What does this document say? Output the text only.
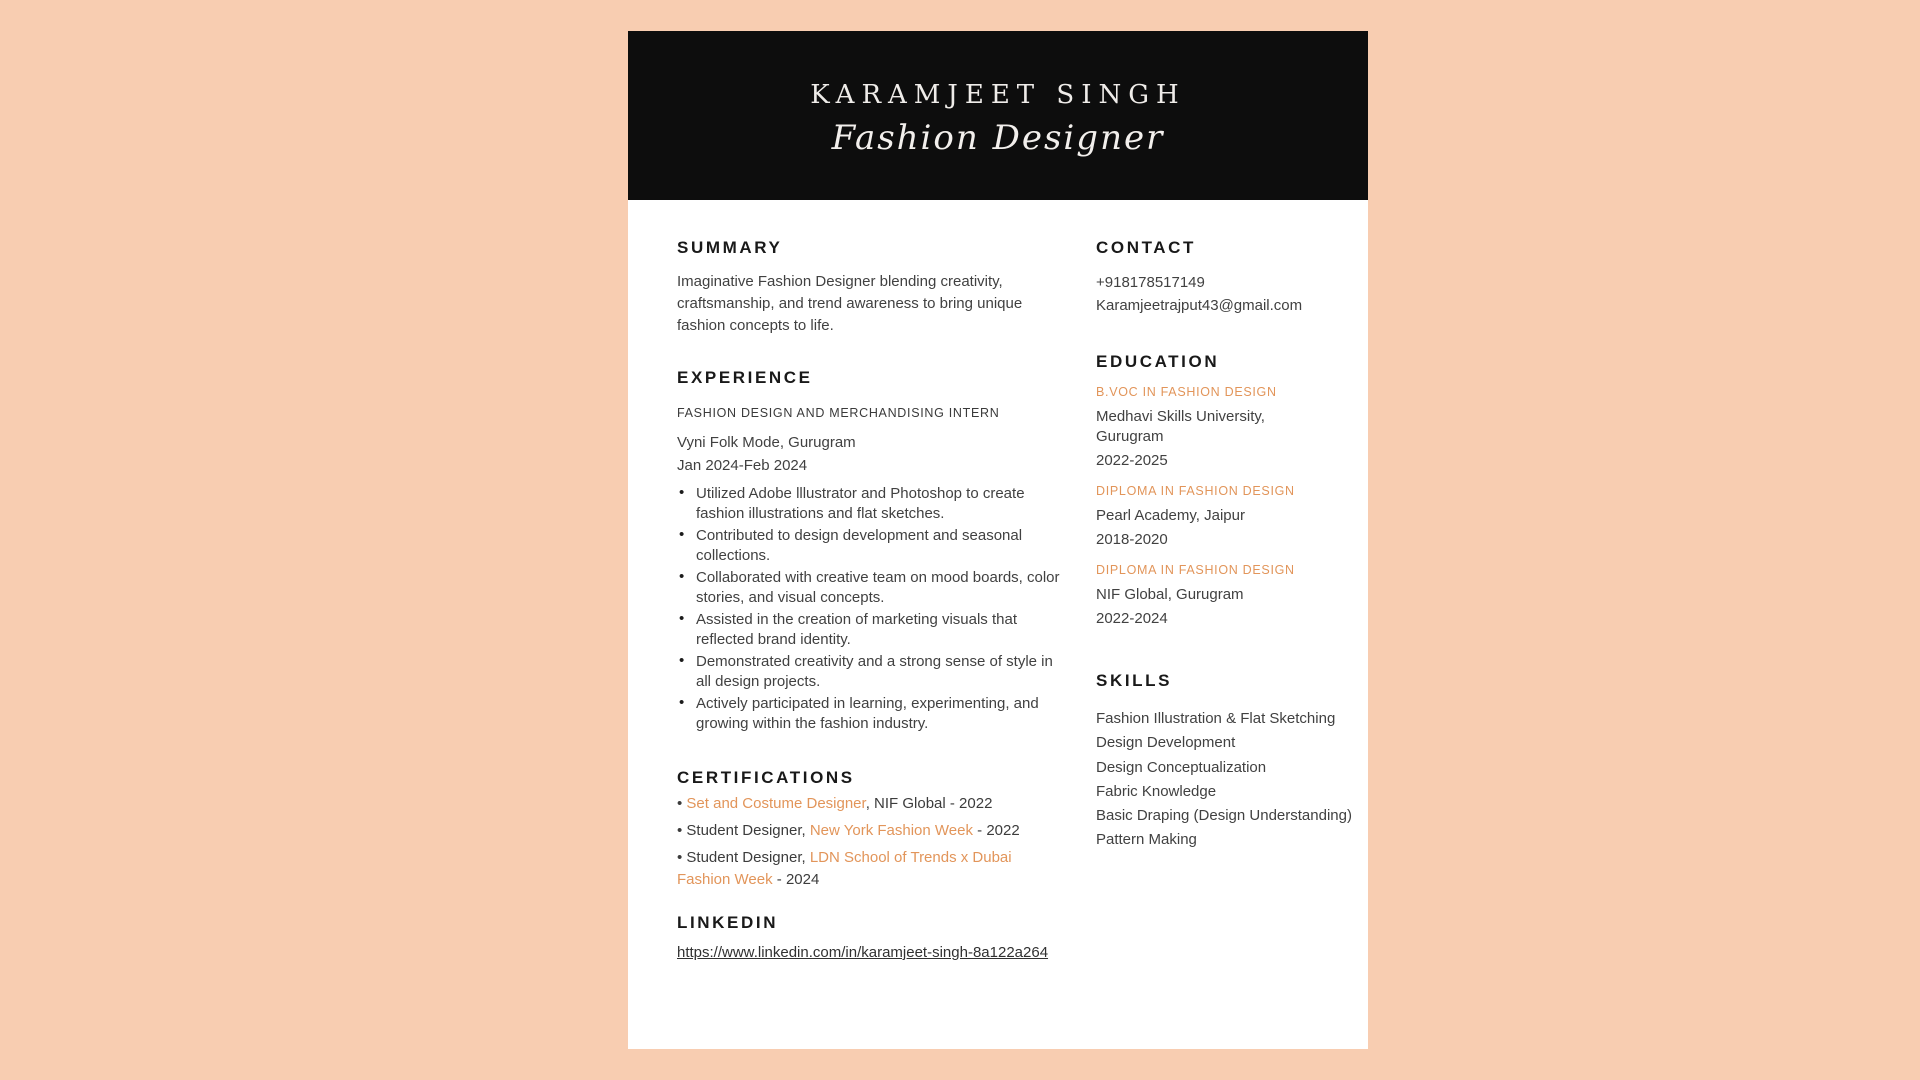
KARAMJEET SINGH
Fashion Designer
SUMMARY
Imaginative Fashion Designer blending creativity, craftsmanship, and trend awareness to bring unique fashion concepts to life.
EXPERIENCE
FASHION DESIGN AND MERCHANDISING INTERN
Vyni Folk Mode, Gurugram
Jan 2024-Feb 2024
• Utilized Adobe lllustrator and Photoshop to create fashion illustrations and flat sketches.
• Contributed to design development and seasonal collections.
• Collaborated with creative team on mood boards, color stories, and visual concepts.
• Assisted in the creation of marketing visuals that reflected brand identity.
• Demonstrated creativity and a strong sense of style in all design projects.
• Actively participated in learning, experimenting, and growing within the fashion industry.
CERTIFICATIONS
• Set and Costume Designer, NIF Global - 2022
• Student Designer, New York Fashion Week - 2022
• Student Designer, LDN School of Trends x Dubai Fashion Week - 2024
LINKEDIN
https://www.linkedin.com/in/karamjeet-singh-8a122a264
CONTACT
+918178517149
Karamjeetrajput43@gmail.com
EDUCATION
B.VOC IN FASHION DESIGN
Medhavi Skills University, Gurugram
2022-2025
DIPLOMA IN FASHION DESIGN
Pearl Academy, Jaipur
2018-2020
DIPLOMA IN FASHION DESIGN
NIF Global, Gurugram
2022-2024
SKILLS
Fashion Illustration & Flat Sketching
Design Development
Design Conceptualization
Fabric Knowledge
Basic Draping (Design Understanding)
Pattern Making
